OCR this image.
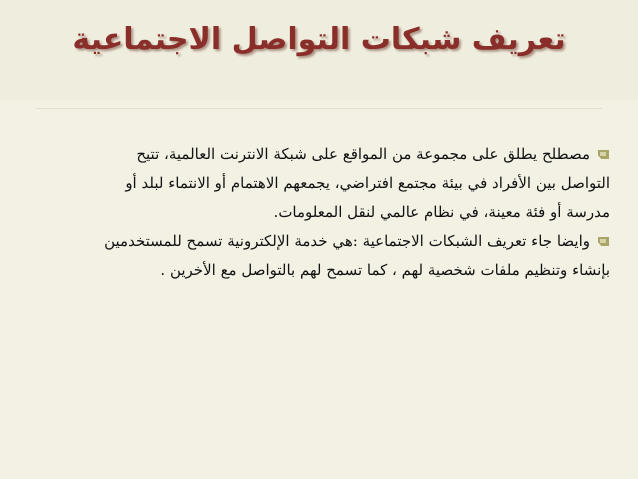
تعريف شبكات التواصل الاجتماعية
مصطلح يطلق على مجموعة من المواقع على شبكة الانترنت العالمية، تتيح
التواصل بين الأفراد في بيئة مجتمع افتراضي، يجمعهم الاهتمام أو الانتماء لبلد أو
مدرسة أو فئة معينة، في نظام عالمي لنقل المعلومات.
وايضا جاء تعريف الشبكات الاجتماعية :هي خدمة الإلكترونية تسمح للمستخدمين
بإنشاء وتنظيم ملفات شخصية لهم ، كما تسمح لهم بالتواصل مع الأخرين .
